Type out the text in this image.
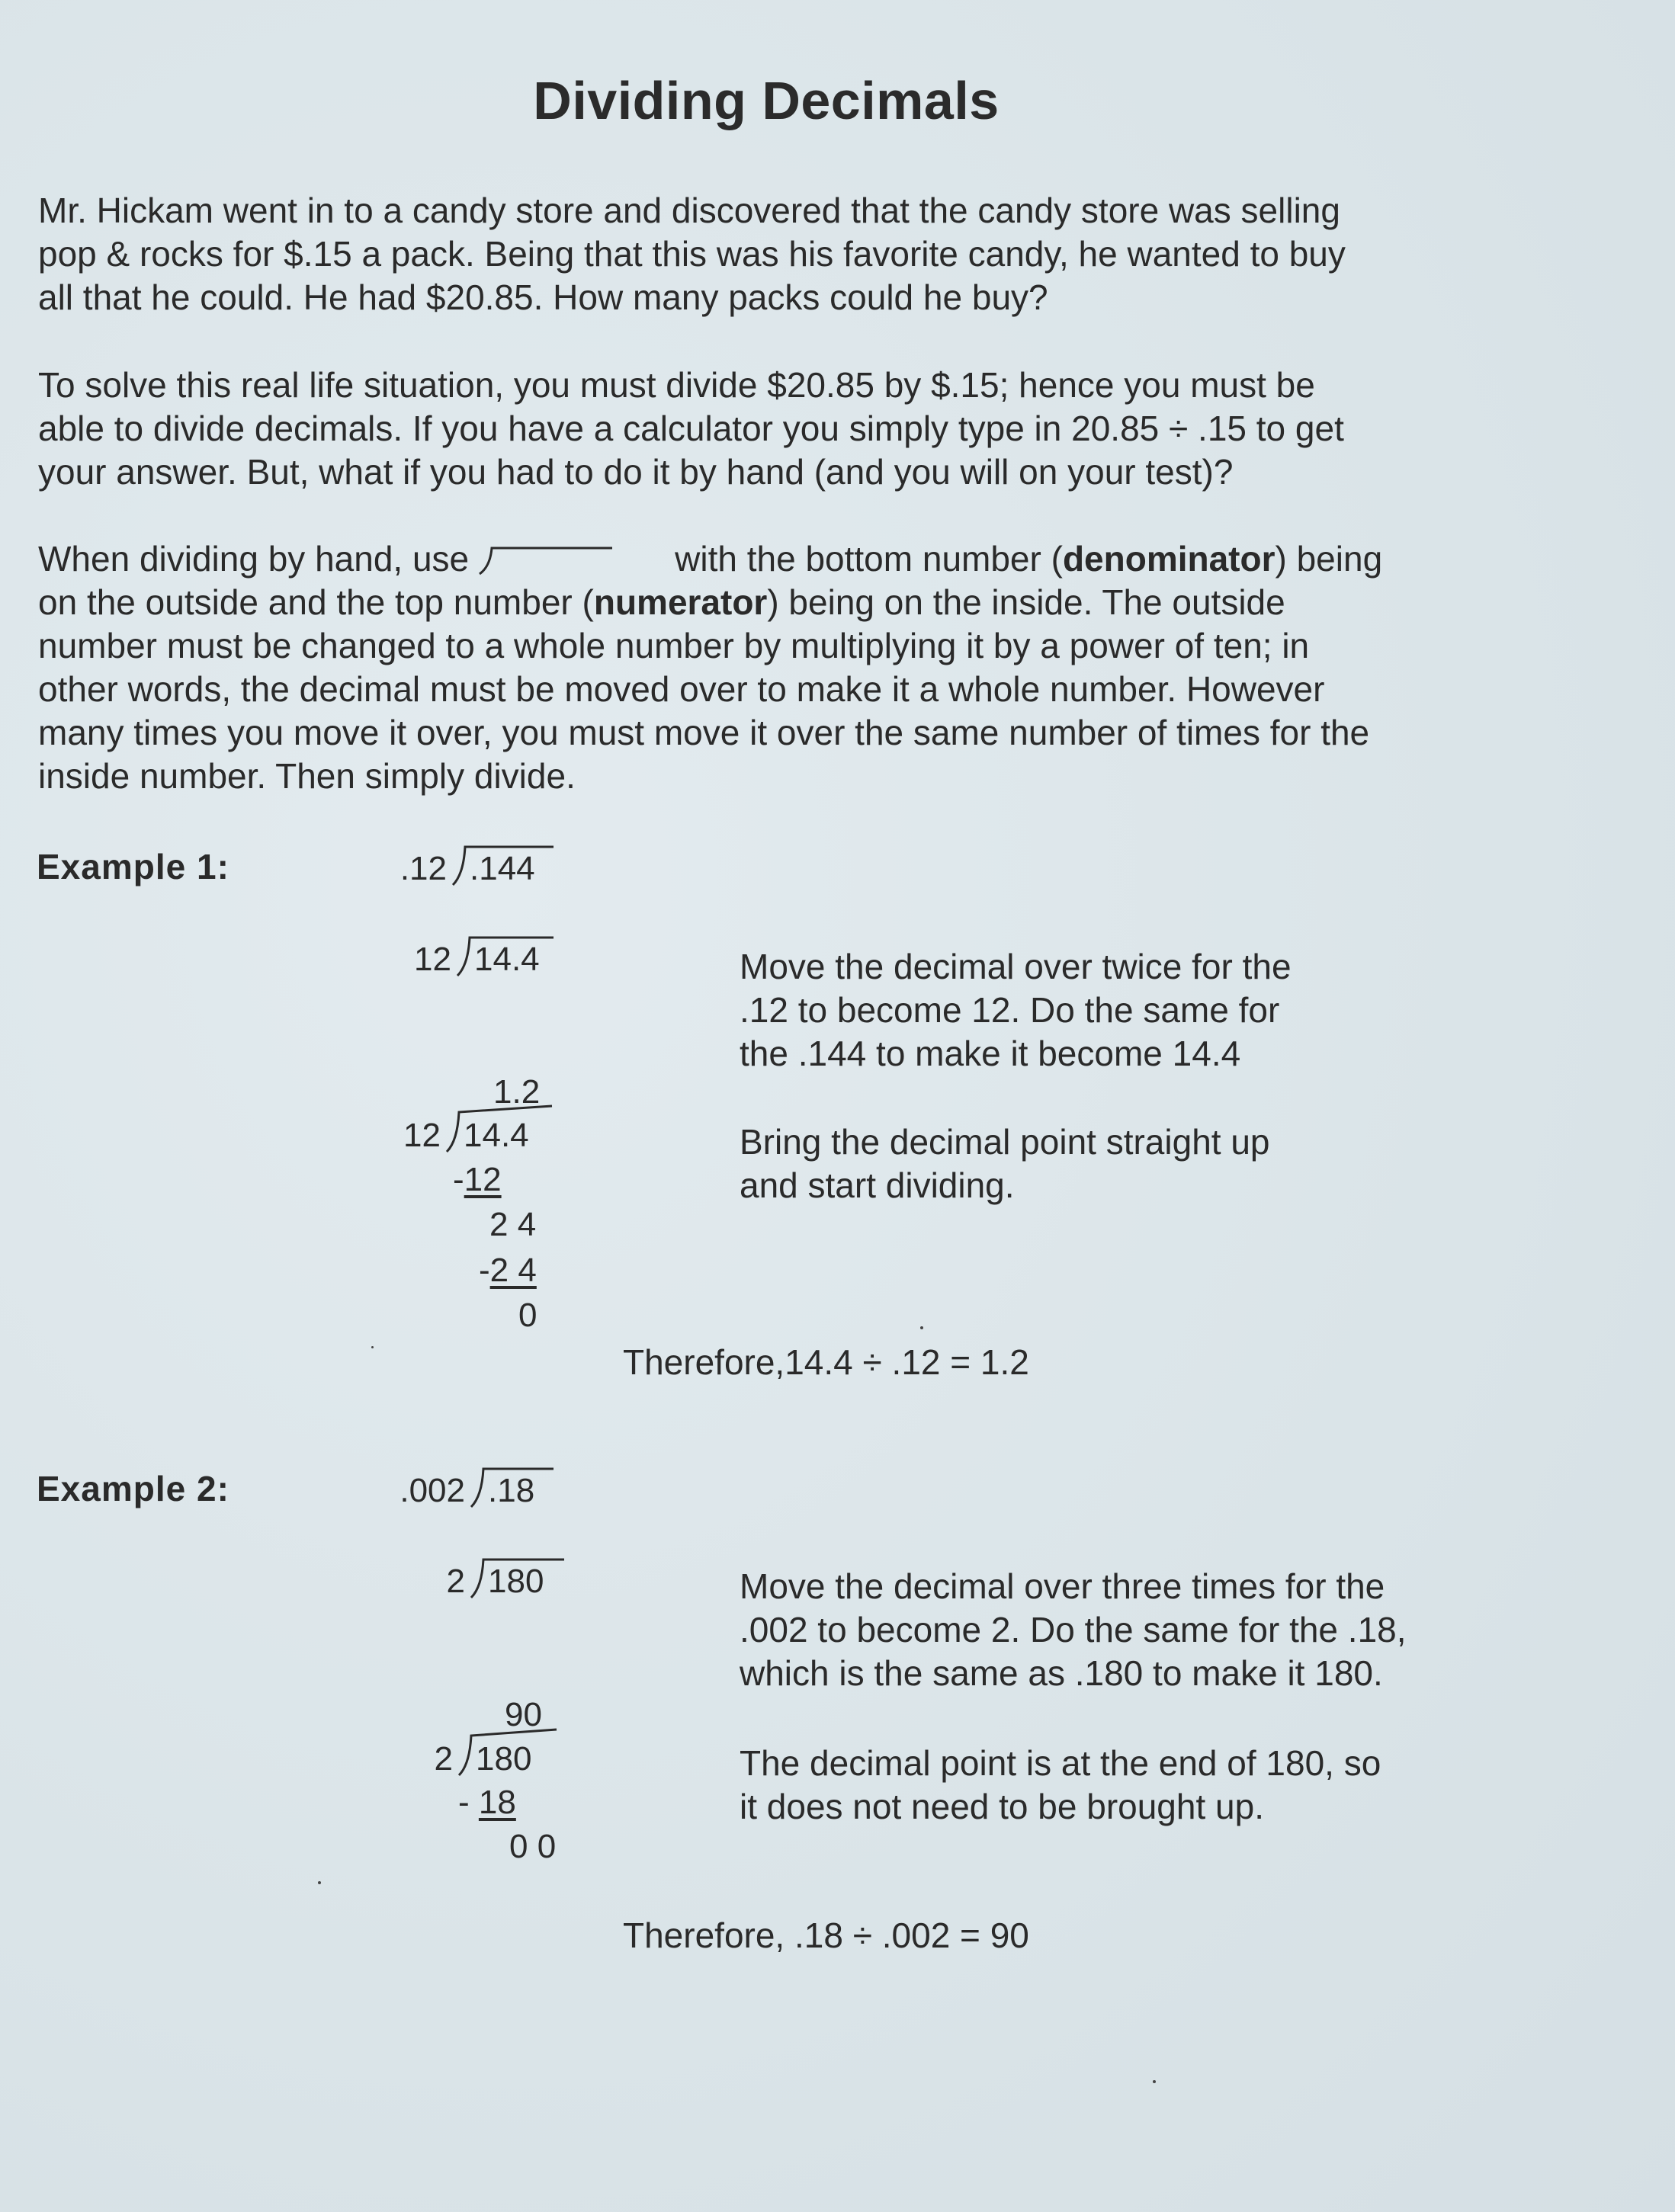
Dividing Decimals

Mr. Hickam went in to a candy store and discovered that the candy store was selling
pop & rocks for $.15 a pack. Being that this was his favorite candy, he wanted to buy
all that he could. He had $20.85. How many packs could he buy?

To solve this real life situation, you must divide $20.85 by $.15; hence you must be
able to divide decimals. If you have a calculator you simply type in 20.85 ÷ .15 to get
your answer. But, what if you had to do it by hand (and you will on your test)?

When dividing by hand, use	with the bottom number (denominator) being
on the outside and the top number (numerator) being on the inside. The outside
number must be changed to a whole number by multiplying it by a power of ten; in
other words, the decimal must be moved over to make it a whole number. However
many times you move it over, you must move it over the same number of times for the
inside number. Then simply divide.

Example 1:	.12 .144
12 14.4	Move the decimal over twice for the
.12 to become 12. Do the same for
the .144 to make it become 14.4
1.2
12 14.4
-12
2 4
-2 4
0
Bring the decimal point straight up
and start dividing.
Therefore,14.4 ÷ .12 = 1.2
Example 2:	.002 .18
2 180	Move the decimal over three times for the
.002 to become 2. Do the same for the .18,
which is the same as .180 to make it 180.
90
2 180
- 18
0 0
The decimal point is at the end of 180, so
it does not need to be brought up.
Therefore, .18 ÷ .002 = 90
